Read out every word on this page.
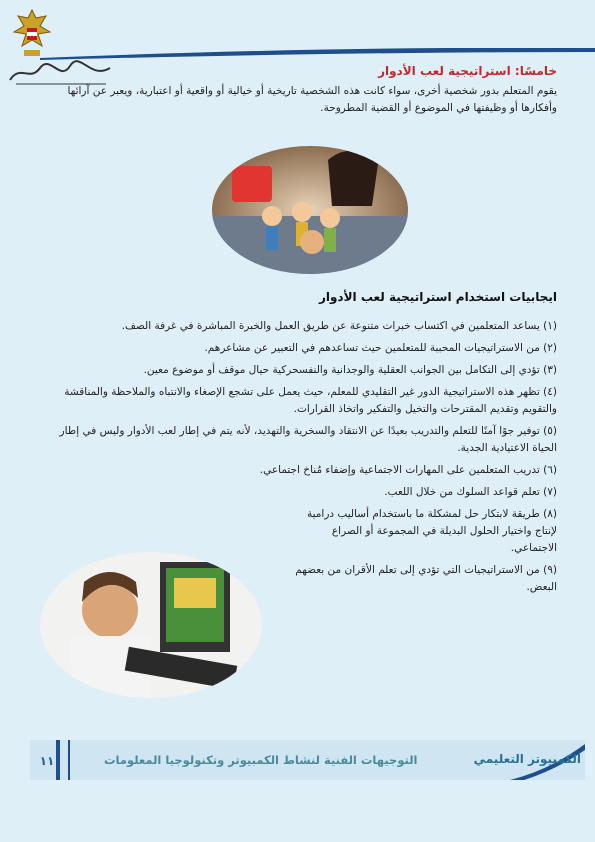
خامسًا: استراتيجية لعب الأدوار
يقوم المتعلم بدور شخصية أخرى، سواء كانت هذه الشخصية تاريخية أو خيالية أو واقعية أو اعتبارية، ويعبر عن آرائها وأفكارها أو وظيفتها في الموضوع أو القضية المطروحة.
ايجابيات استخدام استراتيجية لعب الأدوار
(١) يساعد المتعلمين في اكتساب خبرات متنوعة عن طريق العمل والخبرة المباشرة في غرفة الصف.
(٢) من الاستراتيجيات المحببة للمتعلمين حيث تساعدهم في التعبير عن مشاعرهم.
(٣) تؤدي إلى التكامل بين الجوانب العقلية والوجدانية والنفسحركية حيال موقف أو موضوع معين.
(٤) تظهر هذه الاستراتيجية الدور غير التقليدي للمعلم، حيث يعمل على تشجع الإصغاء والانتباه والملاحظة والمناقشة والتقويم وتقديم المقترحات والتخيل والتفكير واتخاذ القرارات.
(٥) توفير جوًا آمنًا للتعلم والتدريب بعيدًا عن الانتقاد والسخرية والتهديد، لأنه يتم في إطار لعب الأدوار وليس في إطار الحياة الاعتيادية الجدية.
(٦) تدريب المتعلمين على المهارات الاجتماعية وإضفاء مُناخ اجتماعي.
(٧) تعلم قواعد السلوك من خلال اللعب.
(٨) طريقة لابتكار حل لمشكلة ما باستخدام أساليب درامية لإنتاج واختيار الحلول البديلة في المجموعة أو الصراع الاجتماعي.
(٩) من الاستراتيجيات التي تؤدي إلى تعلم الأقران من بعضهم البعض.
١١	التوجيهات الفنية لنشاط الكمبيوتر وتكنولوجيا المعلومات	الكمبيوتر التعليمي
